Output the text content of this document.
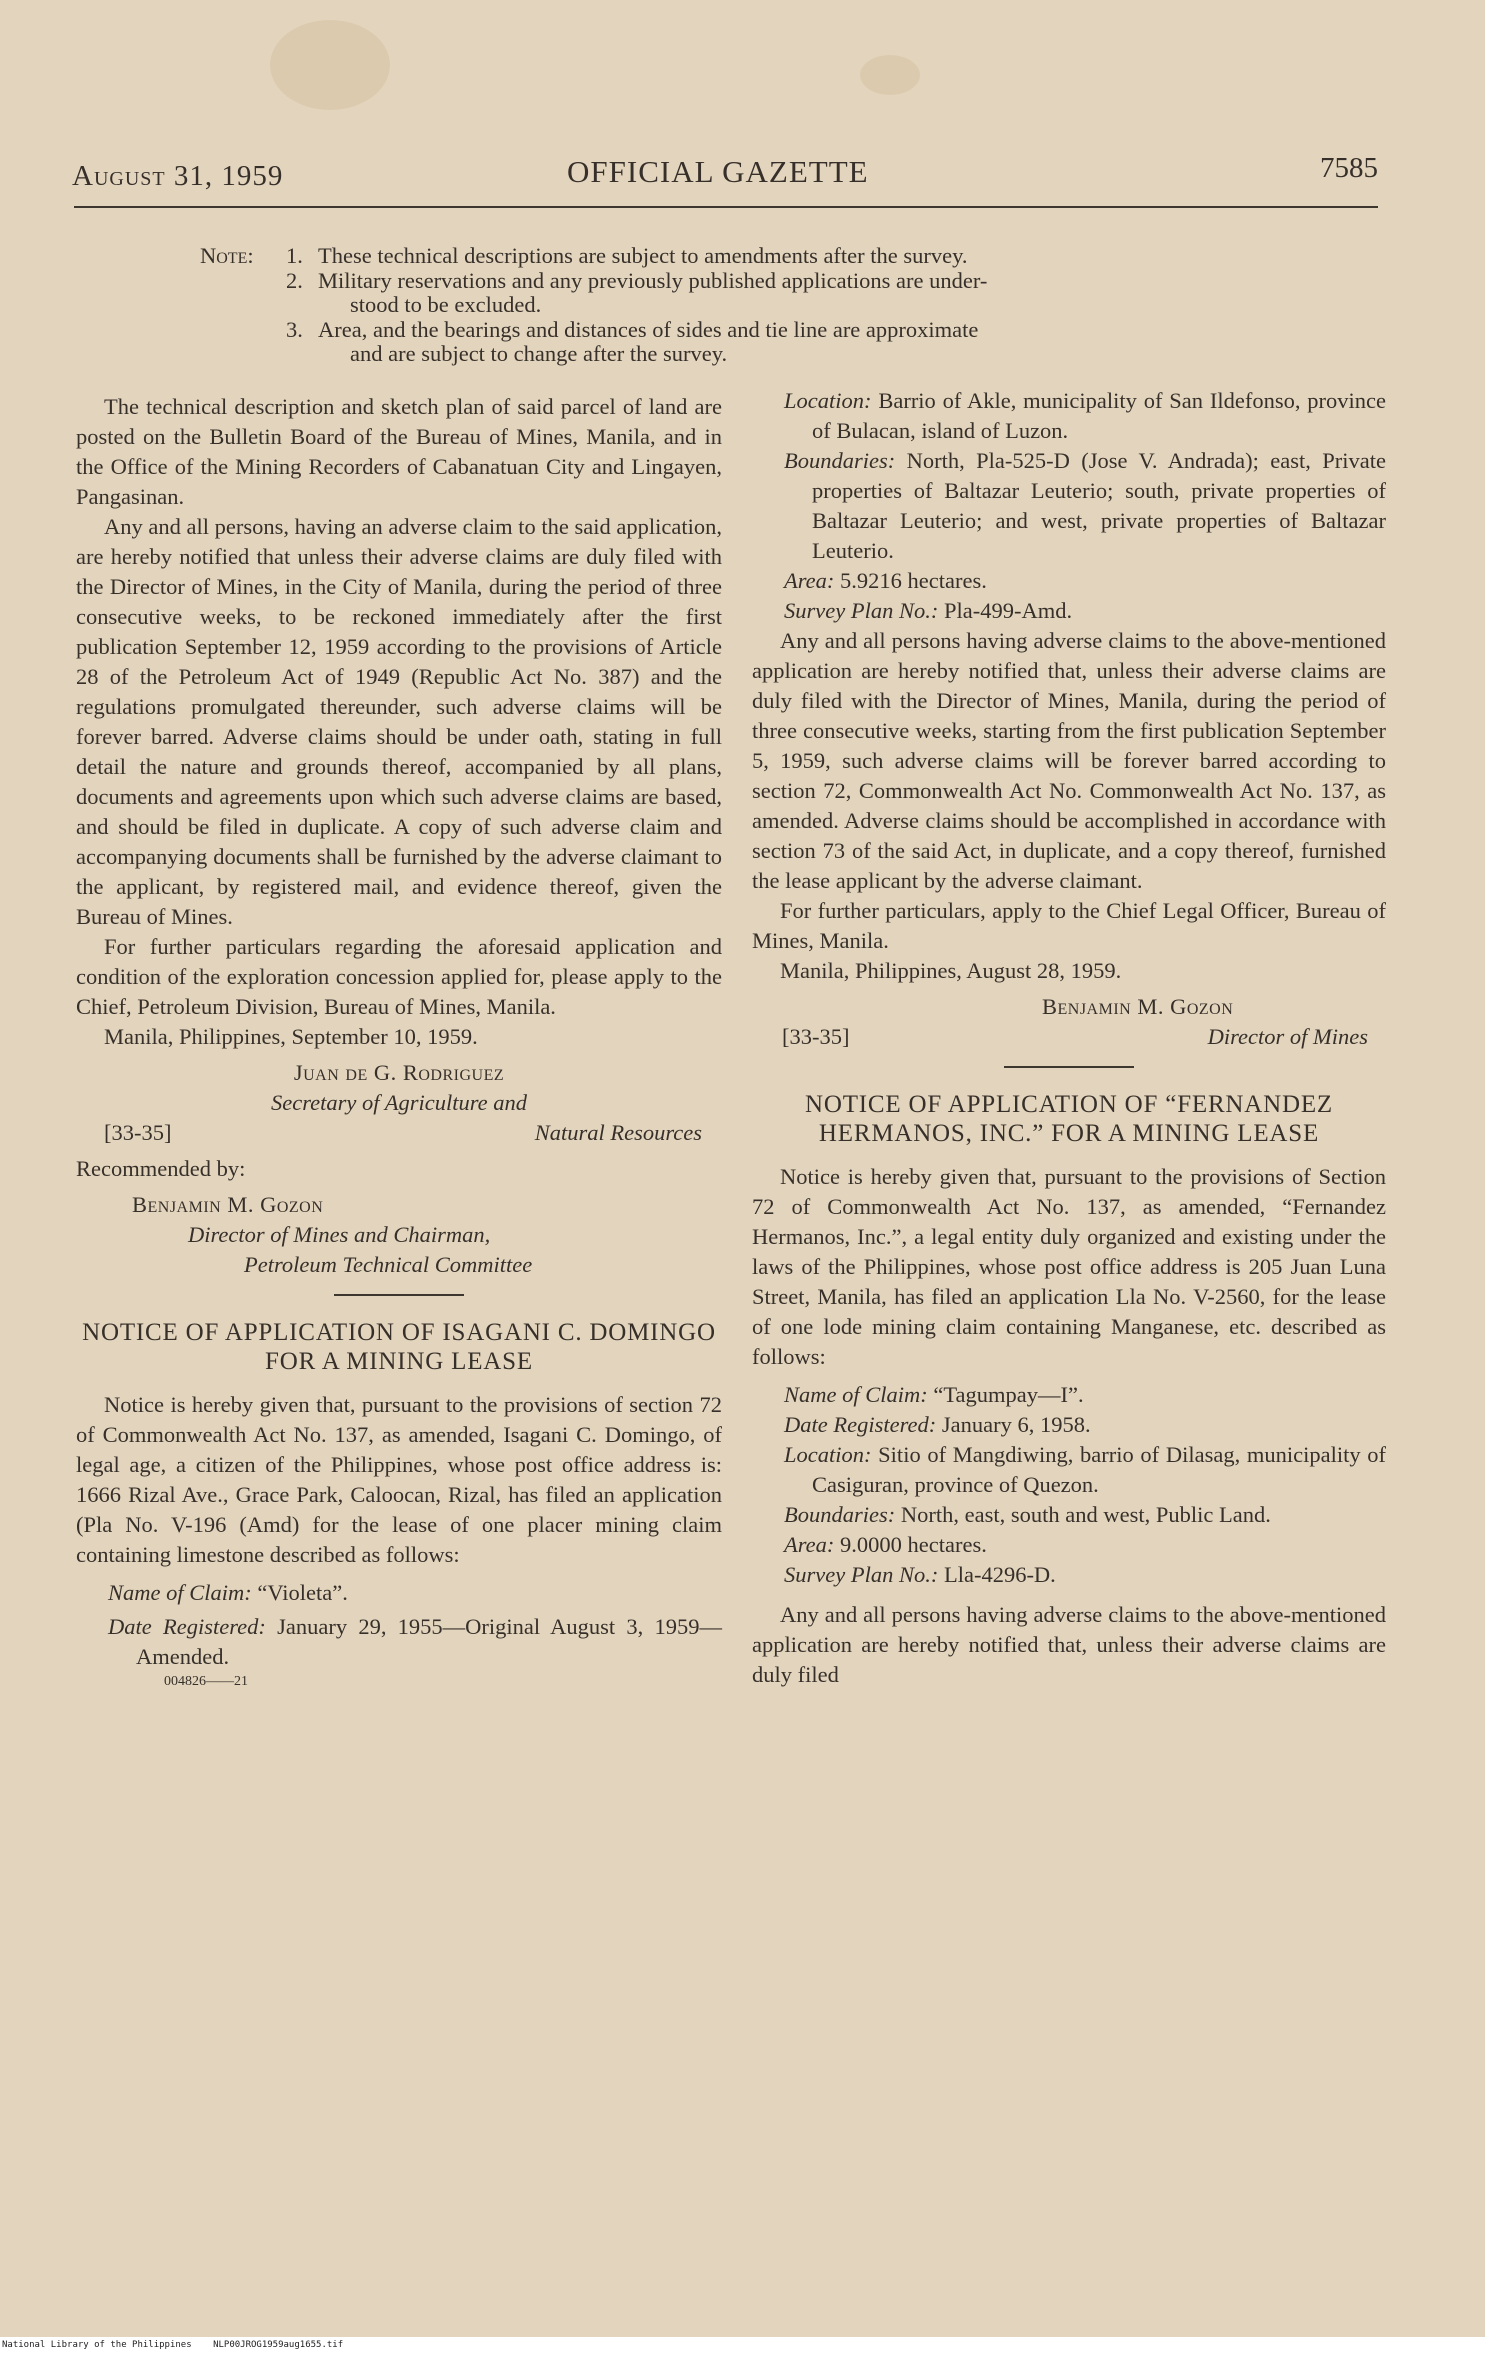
August 31, 1959	OFFICIAL GAZETTE	7585
Note:	1. These technical descriptions are subject to amendments after the survey.
2. Military reservations and any previously published applications are under-
stood to be excluded.
3. Area, and the bearings and distances of sides and tie line are approximate
and are subject to change after the survey.

The technical description and sketch plan of said parcel of land are posted on the Bulletin Board of the Bureau of Mines, Manila, and in the Office of the Mining Recorders of Cabanatuan City and Lingayen, Pangasinan.

Any and all persons, having an adverse claim to the said application, are hereby notified that unless their adverse claims are duly filed with the Director of Mines, in the City of Manila, during the period of three consecutive weeks, to be reckoned immediately after the first publication September 12, 1959 according to the provisions of Article 28 of the Petroleum Act of 1949 (Republic Act No. 387) and the regulations promulgated thereunder, such adverse claims will be forever barred. Adverse claims should be under oath, stating in full detail the nature and grounds thereof, accompanied by all plans, documents and agreements upon which such adverse claims are based, and should be filed in duplicate. A copy of such adverse claim and accompanying documents shall be furnished by the adverse claimant to the applicant, by registered mail, and evidence thereof, given the Bureau of Mines.

For further particulars regarding the aforesaid application and condition of the exploration concession applied for, please apply to the Chief, Petroleum Division, Bureau of Mines, Manila.

Manila, Philippines, September 10, 1959.

Juan de G. Rodriguez

Secretary of Agriculture and

[33-35]	Natural Resources

Recommended by:

Benjamin M. Gozon

Director of Mines and Chairman,

Petroleum Technical Committee

NOTICE OF APPLICATION OF ISAGANI C. DOMINGO FOR A MINING LEASE

Notice is hereby given that, pursuant to the provisions of section 72 of Commonwealth Act No. 137, as amended, Isagani C. Domingo, of legal age, a citizen of the Philippines, whose post office address is: 1666 Rizal Ave., Grace Park, Caloocan, Rizal, has filed an application (Pla No. V-196 (Amd) for the lease of one placer mining claim containing limestone described as follows:

Name of Claim: “Violeta”.

Date Registered: January 29, 1955—Original August 3, 1959—Amended.

004826——21

Location: Barrio of Akle, municipality of San Ildefonso, province of Bulacan, island of Luzon.

Boundaries: North, Pla-525-D (Jose V. Andrada); east, Private properties of Baltazar Leuterio; south, private properties of Baltazar Leuterio; and west, private properties of Baltazar Leuterio.

Area: 5.9216 hectares.

Survey Plan No.: Pla-499-Amd.

Any and all persons having adverse claims to the above-mentioned application are hereby notified that, unless their adverse claims are duly filed with the Director of Mines, Manila, during the period of three consecutive weeks, starting from the first publication September 5, 1959, such adverse claims will be forever barred according to section 72, Commonwealth Act No. Commonwealth Act No. 137, as amended. Adverse claims should be accomplished in accordance with section 73 of the said Act, in duplicate, and a copy thereof, furnished the lease applicant by the adverse claimant.

For further particulars, apply to the Chief Legal Officer, Bureau of Mines, Manila.

Manila, Philippines, August 28, 1959.

Benjamin M. Gozon

[33-35]	Director of Mines

NOTICE OF APPLICATION OF “FERNANDEZ HERMANOS, INC.” FOR A MINING LEASE

Notice is hereby given that, pursuant to the provisions of Section 72 of Commonwealth Act No. 137, as amended, “Fernandez Hermanos, Inc.”, a legal entity duly organized and existing under the laws of the Philippines, whose post office address is 205 Juan Luna Street, Manila, has filed an application Lla No. V-2560, for the lease of one lode mining claim containing Manganese, etc. described as follows:

Name of Claim: “Tagumpay—I”.

Date Registered: January 6, 1958.

Location: Sitio of Mangdiwing, barrio of Dilasag, municipality of Casiguran, province of Quezon.

Boundaries: North, east, south and west, Public Land.

Area: 9.0000 hectares.

Survey Plan No.: Lla-4296-D.

Any and all persons having adverse claims to the above-mentioned application are hereby notified that, unless their adverse claims are duly filed

National Library of the Philippines NLP00JROG1959aug1655.tif
